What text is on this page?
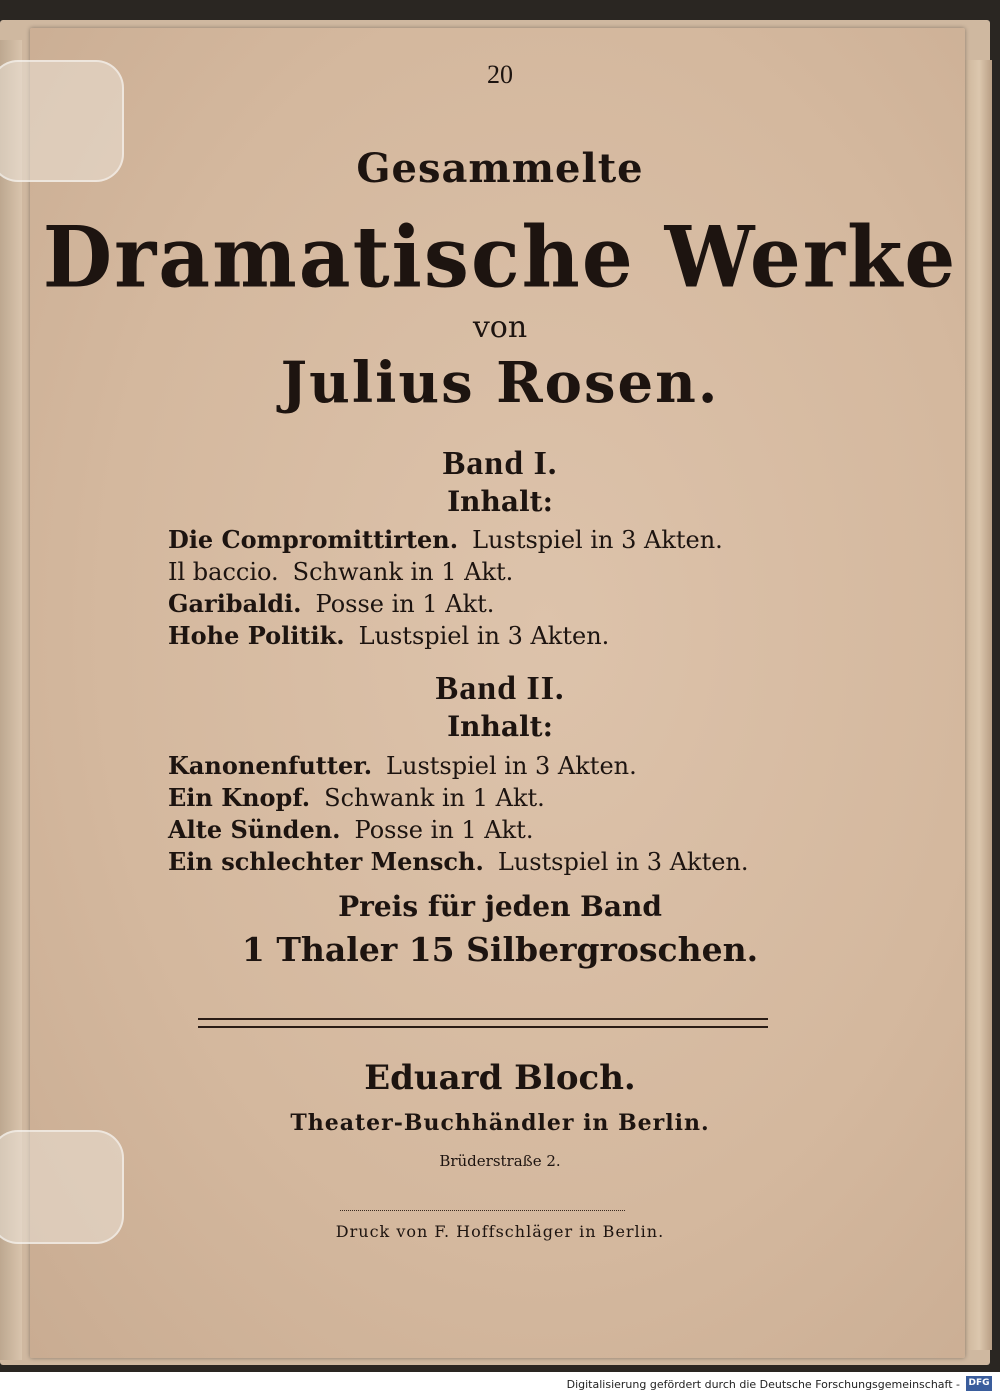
20
Gesammelte
Dramatische Werke
von
Julius Rosen.
Band I.
Inhalt:
Die Compromittirten. Lustspiel in 3 Akten.
Il baccio. Schwank in 1 Akt.
Garibaldi. Posse in 1 Akt.
Hohe Politik. Lustspiel in 3 Akten.
Band II.
Inhalt:
Kanonenfutter. Lustspiel in 3 Akten.
Ein Knopf. Schwank in 1 Akt.
Alte Sünden. Posse in 1 Akt.
Ein schlechter Mensch. Lustspiel in 3 Akten.
Preis für jeden Band
1 Thaler 15 Silbergroschen.
Eduard Bloch.
Theater-Buchhändler in Berlin.
Brüderstraße 2.
Druck von F. Hoffschläger in Berlin.
Digitalisierung gefördert durch die Deutsche Forschungsgemeinschaft - DFG
